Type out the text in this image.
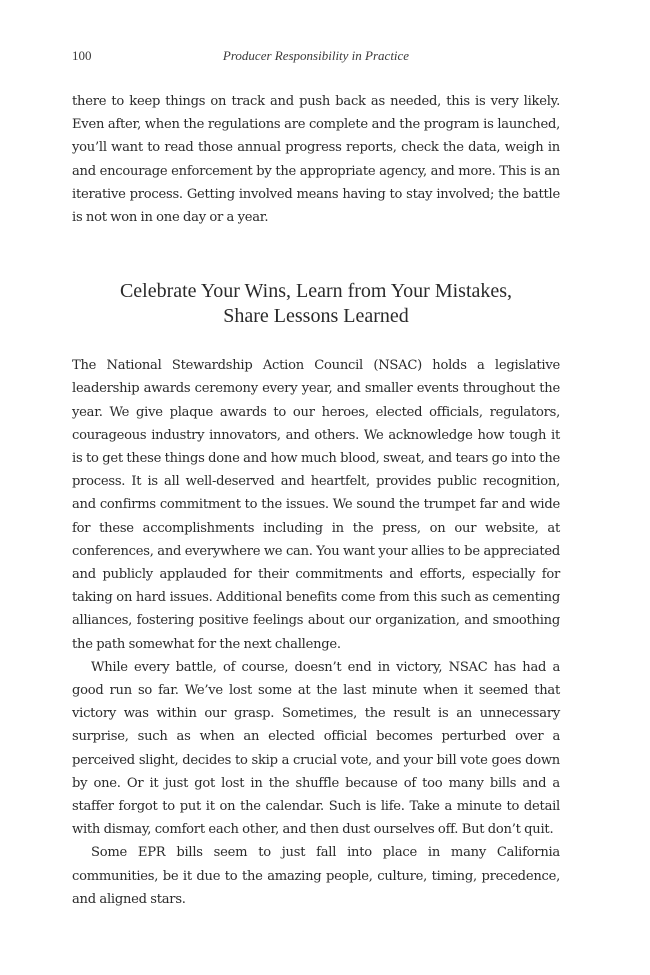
100	Producer Responsibility in Practice

there to keep things on track and push back as needed, this is very likely. Even after, when the regulations are complete and the program is launched, you’ll want to read those annual progress reports, check the data, weigh in and encourage enforcement by the appropriate agency, and more. This is an iterative process. Getting involved means having to stay involved; the battle is not won in one day or a year.

Celebrate Your Wins, Learn from Your Mistakes, Share Lessons Learned

The National Stewardship Action Council (NSAC) holds a legislative leadership awards ceremony every year, and smaller events throughout the year. We give plaque awards to our heroes, elected officials, regulators, courageous industry innovators, and others. We acknowledge how tough it is to get these things done and how much blood, sweat, and tears go into the process. It is all well-deserved and heartfelt, provides public recognition, and confirms commitment to the issues. We sound the trumpet far and wide for these accomplishments including in the press, on our website, at conferences, and everywhere we can. You want your allies to be appreciated and publicly applauded for their commitments and efforts, especially for taking on hard issues. Additional benefits come from this such as cementing alliances, fostering positive feelings about our organization, and smoothing the path somewhat for the next challenge.

While every battle, of course, doesn’t end in victory, NSAC has had a good run so far. We’ve lost some at the last minute when it seemed that victory was within our grasp. Sometimes, the result is an unnecessary surprise, such as when an elected official becomes perturbed over a perceived slight, decides to skip a crucial vote, and your bill vote goes down by one. Or it just got lost in the shuffle because of too many bills and a staffer forgot to put it on the calendar. Such is life. Take a minute to detail with dismay, comfort each other, and then dust ourselves off. But don’t quit.

Some EPR bills seem to just fall into place in many California communities, be it due to the amazing people, culture, timing, precedence, and aligned stars.
